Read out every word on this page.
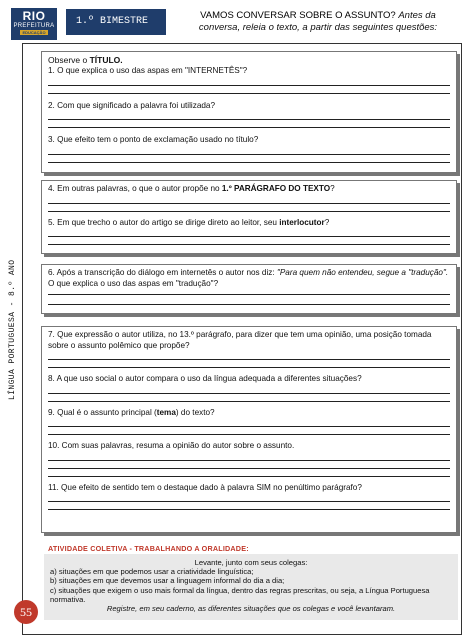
RIO
PREFEITURA
EDUCAÇÃO
1.º BIMESTRE
VAMOS CONVERSAR SOBRE O ASSUNTO? Antes da
conversa, releia o texto, a partir das seguintes questões:
LÍNGUA PORTUGUESA - 8.º ANO
55
Observe o TÍTULO.
1. O que explica o uso das aspas em "INTERNETÊS"?
2. Com que significado a palavra foi utilizada?
3. Que efeito tem o ponto de exclamação usado no título?
4. Em outras palavras, o que o autor propõe no 1.º PARÁGRAFO DO TEXTO?
5. Em que trecho o autor do artigo se dirige direto ao leitor, seu interlocutor?
6. Após a transcrição do diálogo em internetês o autor nos diz: "Para quem não entendeu, segue a "tradução". O que explica o uso das aspas em "tradução"?
7. Que expressão o autor utiliza, no 13.º parágrafo, para dizer que tem uma opinião, uma posição tomada sobre o assunto polêmico que propõe?
8. A que uso social o autor compara o uso da língua adequada a diferentes situações?
9. Qual é o assunto principal (tema) do texto?
10. Com suas palavras, resuma a opinião do autor sobre o assunto.
11. Que efeito de sentido tem o destaque dado à palavra SIM no penúltimo parágrafo?
ATIVIDADE COLETIVA - TRABALHANDO A ORALIDADE:
Levante, junto com seus colegas:
a) situações em que podemos usar a criatividade linguística;
b) situações em que devemos usar a linguagem informal do dia a dia;
c) situações que exigem o uso mais formal da língua, dentro das regras prescritas, ou seja, a Língua Portuguesa normativa.
Registre, em seu caderno, as diferentes situações que os colegas e você levantaram.
